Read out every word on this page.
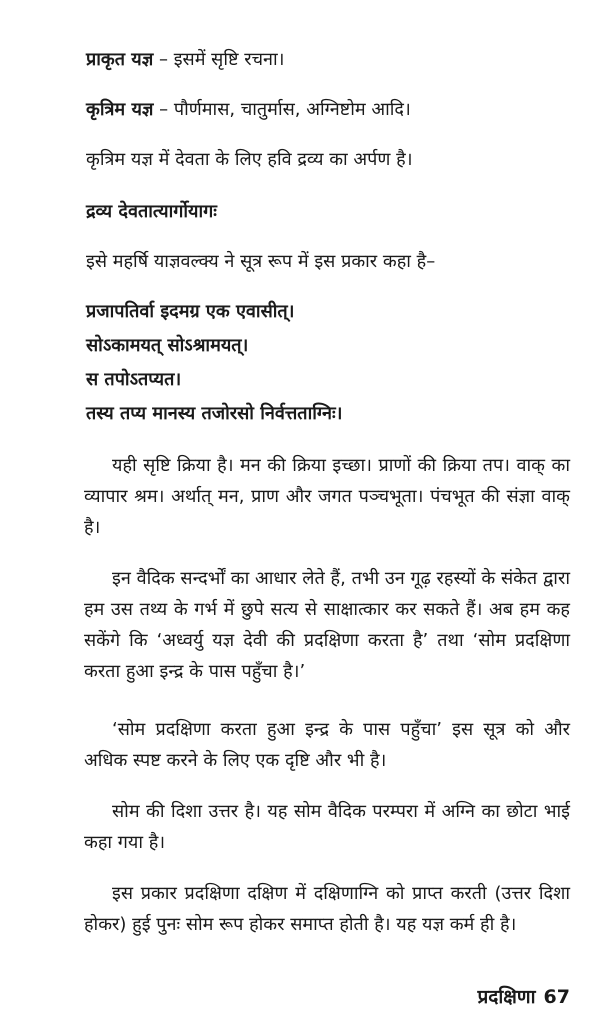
प्राकृत यज्ञ – इसमें सृष्टि रचना।
कृत्रिम यज्ञ – पौर्णमास, चातुर्मास, अग्निष्टोम आदि।
कृत्रिम यज्ञ में देवता के लिए हवि द्रव्य का अर्पण है।
द्रव्य देवतात्यार्गोयागः
इसे महर्षि याज्ञवल्क्य ने सूत्र रूप में इस प्रकार कहा है–
प्रजापतिर्वा इदमग्र एक एवासीत्।
सोऽकामयत् सोऽश्रामयत्।
स तपोऽतप्यत।
तस्य तप्य मानस्य तजोरसो निर्वत्तताग्निः।
यही सृष्टि क्रिया है। मन की क्रिया इच्छा। प्राणों की क्रिया तप। वाक् का व्यापार श्रम। अर्थात् मन, प्राण और जगत पञ्चभूता। पंचभूत की संज्ञा वाक् है।
इन वैदिक सन्दर्भों का आधार लेते हैं, तभी उन गूढ़ रहस्यों के संकेत द्वारा हम उस तथ्य के गर्भ में छुपे सत्य से साक्षात्कार कर सकते हैं। अब हम कह सकेंगे कि ‘अध्वर्यु यज्ञ देवी की प्रदक्षिणा करता है’ तथा ‘सोम प्रदक्षिणा करता हुआ इन्द्र के पास पहुँचा है।’
‘सोम प्रदक्षिणा करता हुआ इन्द्र के पास पहुँचा’ इस सूत्र को और अधिक स्पष्ट करने के लिए एक दृष्टि और भी है।
सोम की दिशा उत्तर है। यह सोम वैदिक परम्परा में अग्नि का छोटा भाई कहा गया है।
इस प्रकार प्रदक्षिणा दक्षिण में दक्षिणाग्नि को प्राप्त करती (उत्तर दिशा होकर) हुई पुनः सोम रूप होकर समाप्त होती है। यह यज्ञ कर्म ही है।
प्रदक्षिणा 67
